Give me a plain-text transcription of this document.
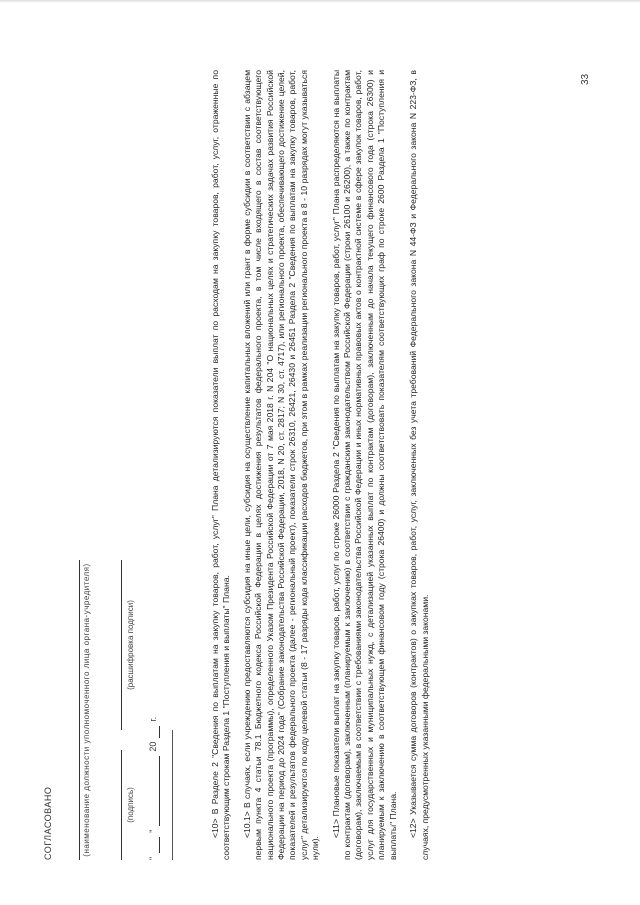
СОГЛАСОВАНО	(наименование должности уполномоченного лица органа-учредителя)	(подпись)
(расшифровка подписи)
"
"
20
г.	<10> В Разделе 2 "Сведения по выплатам на закупку товаров, работ, услуг" Плана детализируются показатели выплат по расходам на закупку товаров, работ, услуг, отраженные по соответствующим строкам Раздела 1 "Поступления и выплаты" Плана. <10.1> В случаях, если учреждению предоставляются субсидия на иные цели, субсидия на осуществление капитальных вложений или грант в форме субсидии в соответствии с абзацем первым пункта 4 статьи 78.1 Бюджетного кодекса Российской Федерации в целях достижения результатов федерального проекта, в том числе входящего в состав соответствующего национального проекта (программы), определенного Указом Президента Российской Федерации от 7 мая 2018 г. N 204 "О национальных целях и стратегических задачах развития Российской Федерации на период до 2024 года" (Собрание законодательства Российской Федерации, 2018, N 20, ст. 2817; N 30, ст. 4717), или регионального проекта, обеспечивающего достижение целей, показателей и результатов федерального проекта (далее - региональный проект), показатели строк 26310, 26421, 26430 и 26451 Раздела 2 "Сведения по выплатам на закупку товаров, работ, услуг" детализируются по коду целевой статьи (8 - 17 разряды кода классификации расходов бюджетов, при этом в рамках реализации регионального проекта в 8 - 10 разрядах могут указываться нули).

<11> Плановые показатели выплат на закупку товаров, работ, услуг по строке 26000 Раздела 2 "Сведения по выплатам на закупку товаров, работ, услуг" Плана распределяются на выплаты по контрактам (договорам), заключенным (планируемым к заключению) в соответствии с гражданским законодательством Российской Федерации (строки 26100 и 26200), а также по контрактам (договорам), заключаемым в соответствии с требованиями законодательства Российской Федерации и иных нормативных правовых актов о контрактной системе в сфере закупок товаров, работ, услуг для государственных и муниципальных нужд, с детализацией указанных выплат по контрактам (договорам), заключенным до начала текущего финансового года (строка 26300) и планируемым к заключению в соответствующем финансовом году (строка 26400) и должны соответствовать показателям соответствующих граф по строке 2600 Раздела 1 "Поступления и выплаты" Плана. <12> Указывается сумма договоров (контрактов) о закупках товаров, работ, услуг, заключенных без учета требований Федерального закона N 44-ФЗ и Федерального закона N 223-ФЗ, в случаях, предусмотренных указанными федеральными законами.

33
